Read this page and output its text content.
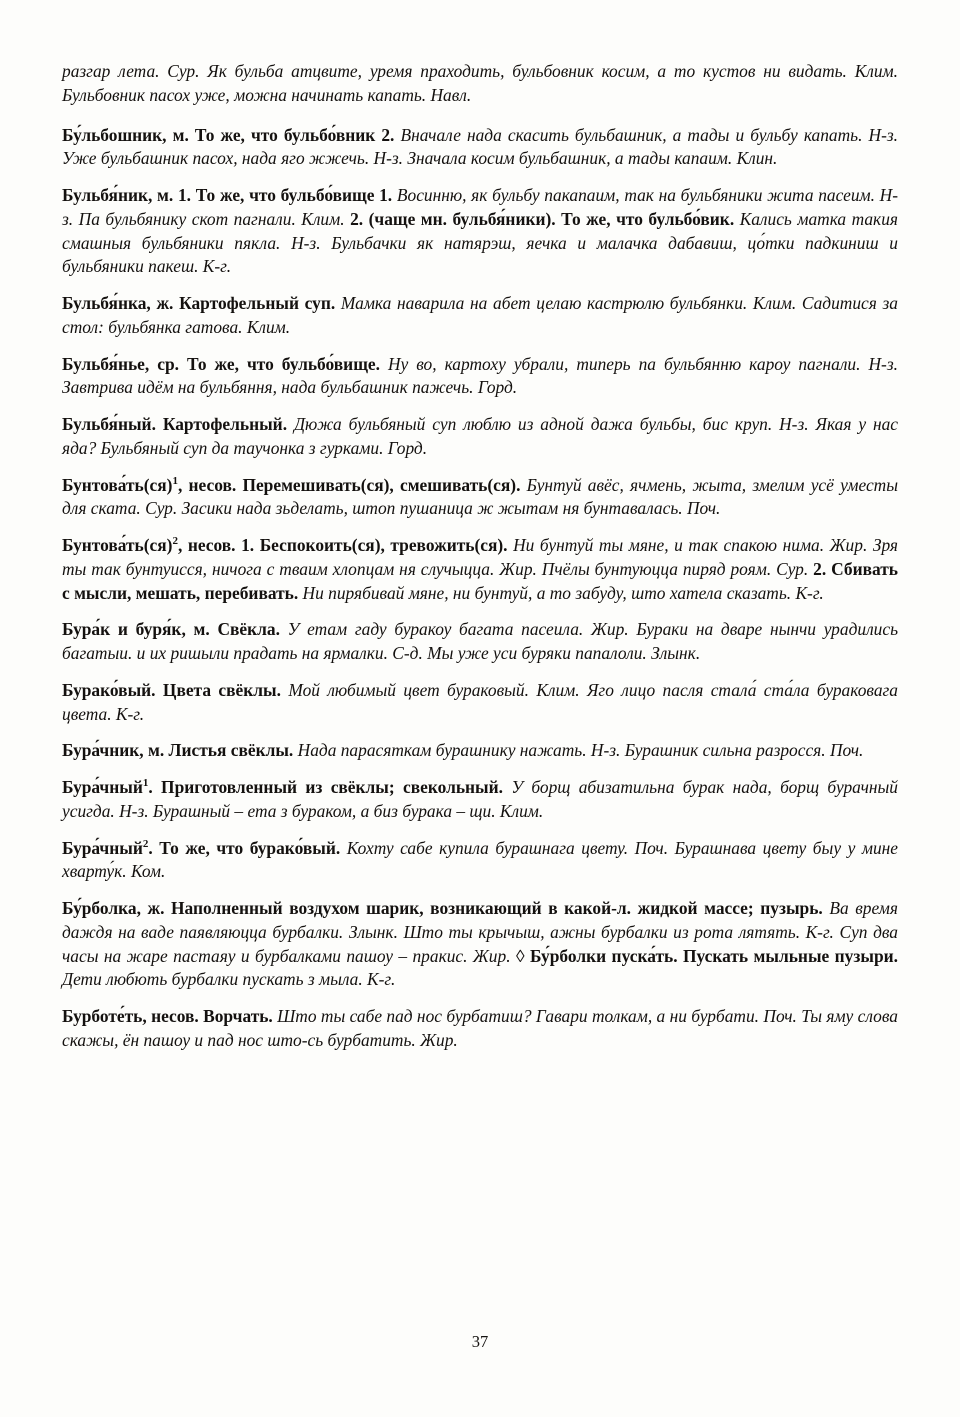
разгар лета. Сур. Як бульба атцвите, уремя праходить, бульбовник косим, а то кустов ни видать. Клим. Бульбовник пасох уже, можна начинать капать. Навл.

Бу́льбошник, м. То же, что бульбо́вник 2. Вначале нада скасить бульбашник, а тады и бульбу капать. Н-з. Уже бульбашник пасох, нада яго жжечь. Н-з. Значала косим бульбашник, а тады капаим. Клин.

Бульбя́ник, м. 1. То же, что бульбо́вище 1. Восинню, як бульбу пакапаим, так на бульбяники жита пасеим. Н-з. Па бульбянику скот пагнали. Клим. 2. (чаще мн. бульбя́ники). То же, что бульбо́вик. Кались матка такия смашныя бульбяники пякла. Н-з. Бульбачки як натярэш, яечка и малачка дабавиш, цо́тки падкиниш и бульбяники пакеш. К-г.

Бульбя́нка, ж. Картофельный суп. Мамка наварила на абет целаю кастрюлю бульбянки. Клим. Садитися за стол: бульбянка гатова. Клим.

Бульбя́нье, ср. То же, что бульбо́вище. Ну во, картоху убрали, типерь па бульбянню кароу пагнали. Н-з. Завтрива идём на бульбяння, нада бульбашник пажечь. Горд.

Бульбя́ный. Картофельный. Дюжа бульбяный суп люблю из адной дажа бульбы, бис круп. Н-з. Якая у нас яда? Бульбяный суп да таучонка з гурками. Горд.

Бунтова́ть(ся)$^1$, несов. Перемешивать(ся), смешивать(ся). Бунтуй авёс, ячмень, жыта, змелим усё уместы для ската. Сур. Засики нада зьделать, штоп пушаница ж жытам ня бунтавалась. Поч.

Бунтова́ть(ся)$^2$, несов. 1. Беспокоить(ся), тревожить(ся). Ни бунтуй ты мяне, и так спакою нима. Жир. Зря ты так бунтуисся, ничога с тваим хлопцам ня случыцца. Жир. Пчёлы бунтуюцца пиряд роям. Сур. 2. Сбивать с мысли, мешать, перебивать. Ни пирябивай мяне, ни бунтуй, а то забуду, што хатела сказать. К-г.

Бура́к и буря́к, м. Свёкла. У етам гаду буракоу багата пасеила. Жир. Бураки на дваре нынчи урадились багатыи. и их ришыли прадать на ярмалки. С-д. Мы уже уси буряки папалоли. Злынк.

Бурако́вый. Цвета свёклы. Мой любимый цвет бураковый. Клим. Яго лицо пасля стала́ ста́ла бураковага цвета. К-г.

Бура́чник, м. Листья свёклы. Нада парасяткам бурашнику нажать. Н-з. Бурашник сильна разросся. Поч.

Бура́чный$^1$. Приготовленный из свёклы; свекольный. У борщ абизатильна бурак нада, борщ бурачный усигда. Н-з. Бурашный – ета з бураком, а биз бурака – щи. Клим.

Бура́чный$^2$. То же, что бурако́вый. Кохту сабе купила бурашнага цвету. Поч. Бурашнава цвету быу у мине хварту́к. Ком.

Бу́рболка, ж. Наполненный воздухом шарик, возникающий в какой-л. жидкой массе; пузырь. Ва время даждя на ваде паявляюцца бурбалки. Злынк. Што ты крычыш, ажны бурбалки из рота лятять. К-г. Суп два часы на жаре пастаяу и бурбалками пашоу – пракис. Жир. ◊ Бу́рболки пуска́ть. Пускать мыльные пузыри. Дети любють бурбалки пускать з мыла. К-г.

Бурботе́ть, несов. Ворчать. Што ты сабе пад нос бурбатиш? Гавари толкам, а ни бурбати. Поч. Ты яму слова скажы, ён пашоу и пад нос што-сь бурбатить. Жир.

37
